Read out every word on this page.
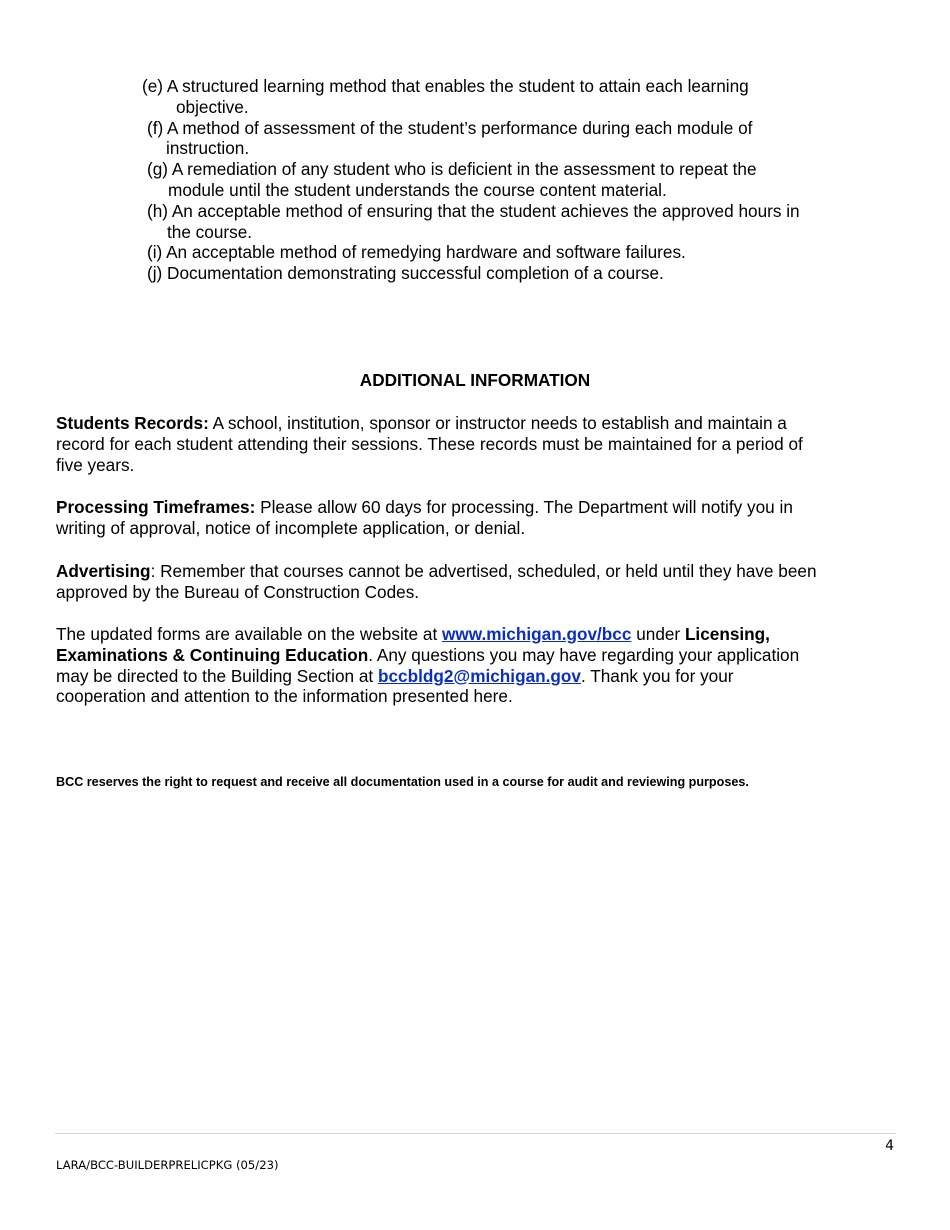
(e) A structured learning method that enables the student to attain each learning
objective.
(f) A method of assessment of the student’s performance during each module of
instruction.
(g) A remediation of any student who is deficient in the assessment to repeat the
module until the student understands the course content material.
(h) An acceptable method of ensuring that the student achieves the approved hours in
the course.
(i) An acceptable method of remedying hardware and software failures.
(j) Documentation demonstrating successful completion of a course.
ADDITIONAL INFORMATION
Students Records: A school, institution, sponsor or instructor needs to establish and maintain a
record for each student attending their sessions. These records must be maintained for a period of
five years.
Processing Timeframes: Please allow 60 days for processing. The Department will notify you in
writing of approval, notice of incomplete application, or denial.
Advertising: Remember that courses cannot be advertised, scheduled, or held until they have been
approved by the Bureau of Construction Codes.
The updated forms are available on the website at www.michigan.gov/bcc under Licensing,
Examinations & Continuing Education. Any questions you may have regarding your application
may be directed to the Building Section at bccbldg2@michigan.gov. Thank you for your
cooperation and attention to the information presented here.
BCC reserves the right to request and receive all documentation used in a course for audit and reviewing purposes.
4
LARA/BCC-BUILDERPRELICPKG (05/23)
